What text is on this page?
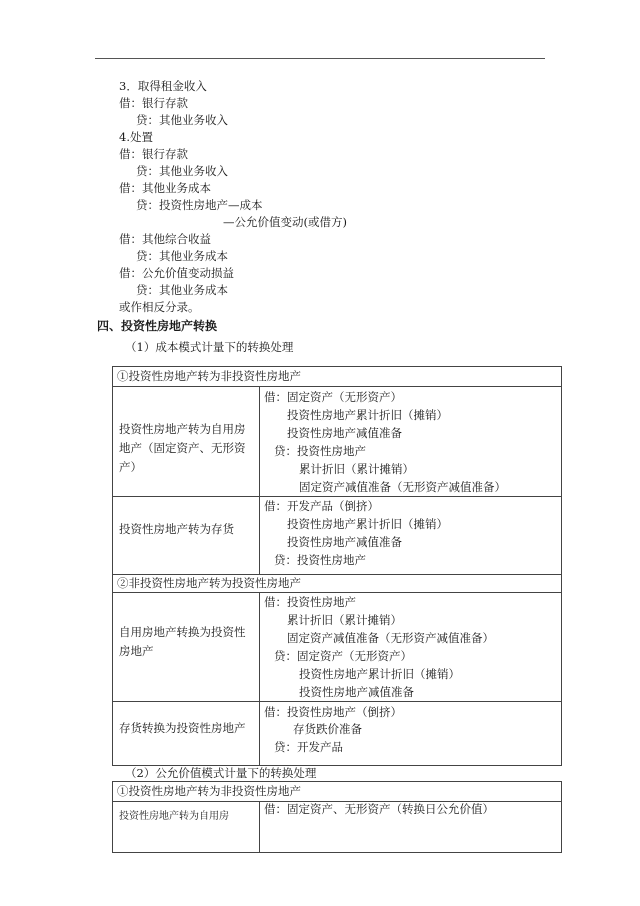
3．取得租金收入
借：银行存款
贷：其他业务收入
4.处置
借：银行存款
贷：其他业务收入
借：其他业务成本
贷：投资性房地产—成本
—公允价值变动(或借方)
借：其他综合收益
贷：其他业务成本
借：公允价值变动损益
贷：其他业务成本
或作相反分录。
四、投资性房地产转换
（1）成本模式计量下的转换处理
①投资性房地产转为非投资性房地产
投资性房地产转为自用房地产（固定资产、无形资产）
借：固定资产（无形资产）
投资性房地产累计折旧（摊销）
投资性房地产减值准备
贷：投资性房地产
累计折旧（累计摊销）
固定资产减值准备（无形资产减值准备）
投资性房地产转为存货
借：开发产品（倒挤）
投资性房地产累计折旧（摊销）
投资性房地产减值准备
贷：投资性房地产
②非投资性房地产转为投资性房地产
自用房地产转换为投资性房地产
借：投资性房地产
累计折旧（累计摊销）
固定资产减值准备（无形资产减值准备）
贷：固定资产（无形资产）
投资性房地产累计折旧（摊销）
投资性房地产减值准备
存货转换为投资性房地产
借：投资性房地产（倒挤）
存货跌价准备
贷：开发产品
（2）公允价值模式计量下的转换处理
①投资性房地产转为非投资性房地产
投资性房地产转为自用房
借：固定资产、无形资产（转换日公允价值）
